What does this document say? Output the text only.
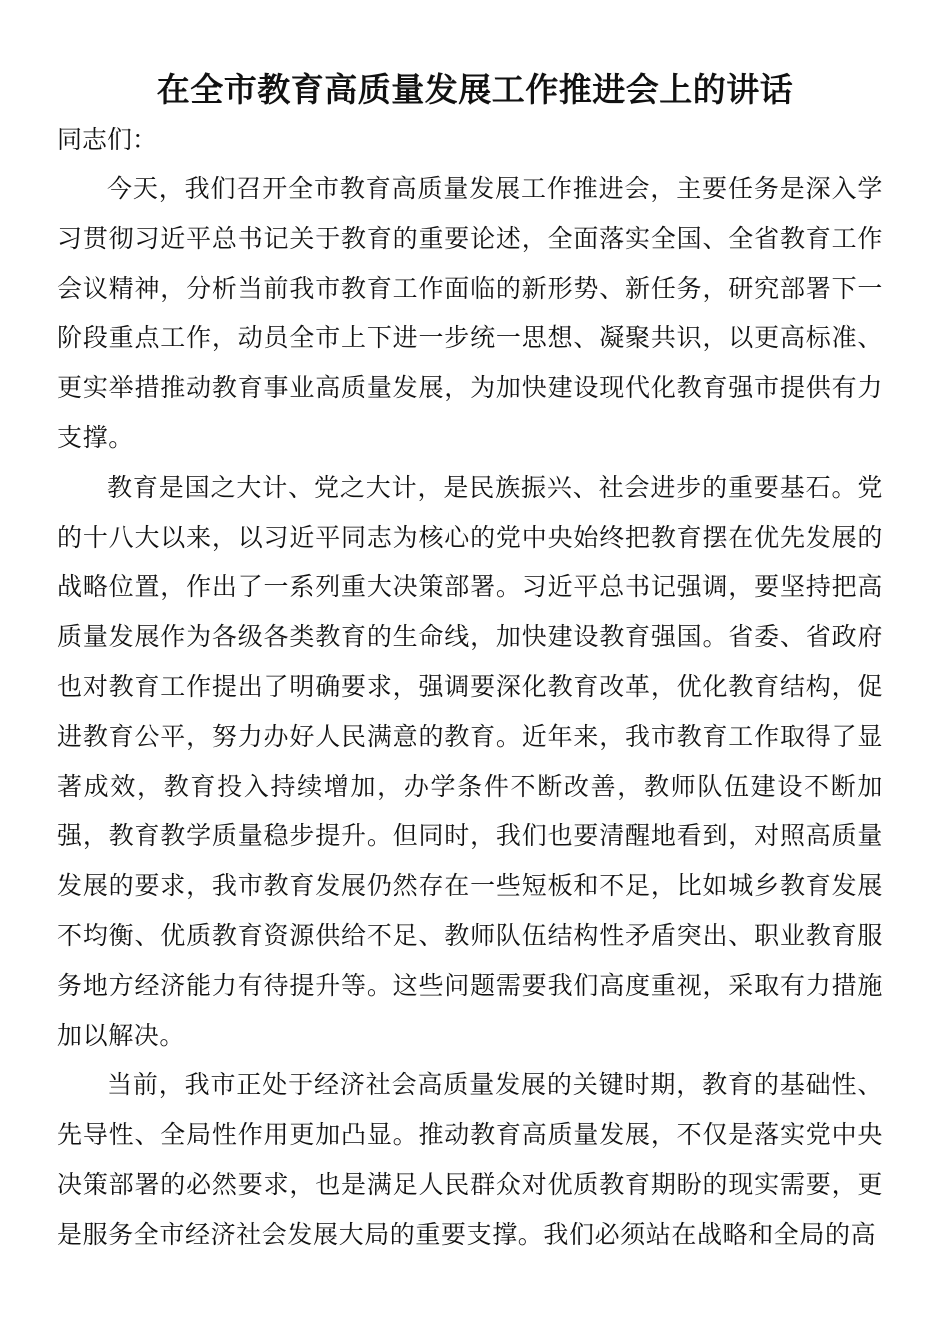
在全市教育高质量发展工作推进会上的讲话

同志们：

今天，我们召开全市教育高质量发展工作推进会，主要任务是深入学习贯彻习近平总书记关于教育的重要论述，全面落实全国、全省教育工作会议精神，分析当前我市教育工作面临的新形势、新任务，研究部署下一阶段重点工作，动员全市上下进一步统一思想、凝聚共识，以更高标准、更实举措推动教育事业高质量发展，为加快建设现代化教育强市提供有力支撑。

教育是国之大计、党之大计，是民族振兴、社会进步的重要基石。党的十八大以来，以习近平同志为核心的党中央始终把教育摆在优先发展的战略位置，作出了一系列重大决策部署。习近平总书记强调，要坚持把高质量发展作为各级各类教育的生命线，加快建设教育强国。省委、省政府也对教育工作提出了明确要求，强调要深化教育改革，优化教育结构，促进教育公平，努力办好人民满意的教育。近年来，我市教育工作取得了显著成效，教育投入持续增加，办学条件不断改善，教师队伍建设不断加强，教育教学质量稳步提升。但同时，我们也要清醒地看到，对照高质量发展的要求，我市教育发展仍然存在一些短板和不足，比如城乡教育发展不均衡、优质教育资源供给不足、教师队伍结构性矛盾突出、职业教育服务地方经济能力有待提升等。这些问题需要我们高度重视，采取有力措施加以解决。

当前，我市正处于经济社会高质量发展的关键时期，教育的基础性、先导性、全局性作用更加凸显。推动教育高质量发展，不仅是落实党中央决策部署的必然要求，也是满足人民群众对优质教育期盼的现实需要，更是服务全市经济社会发展大局的重要支撑。我们必须站在战略和全局的高
